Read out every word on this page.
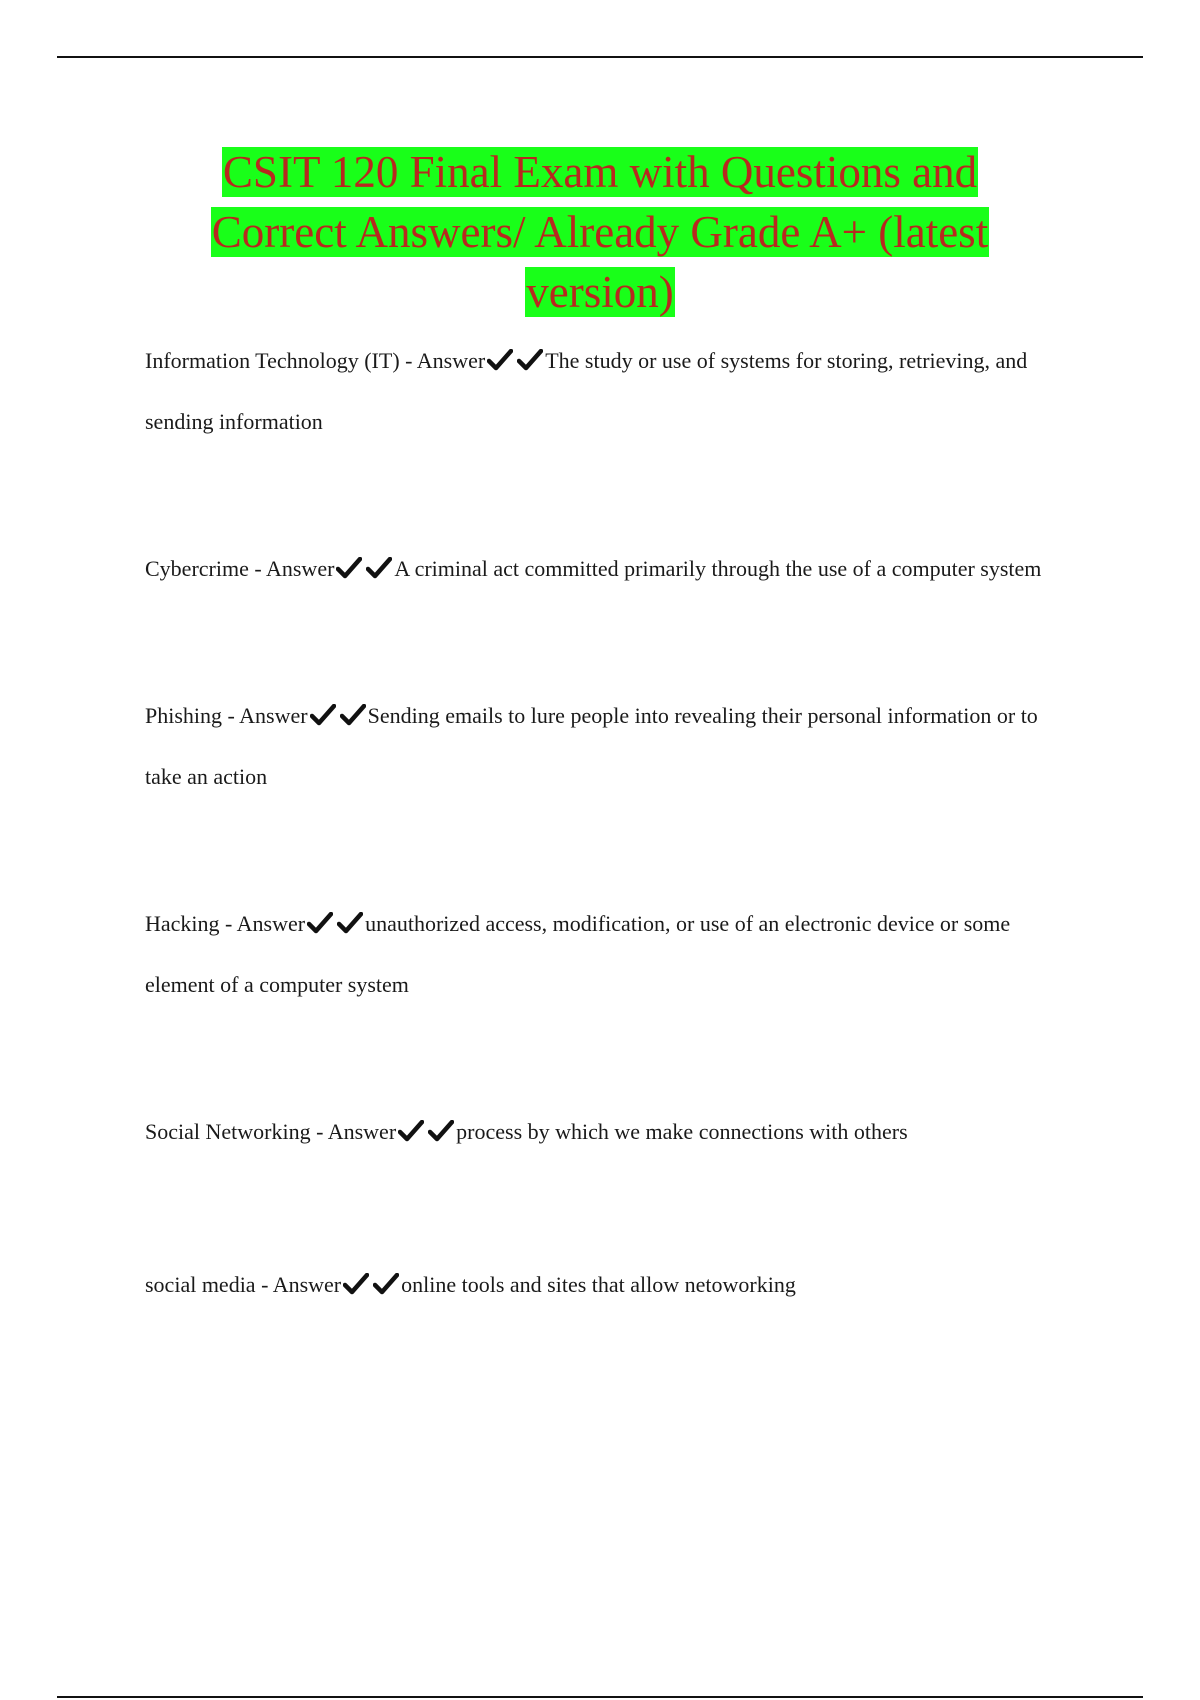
CSIT 120 Final Exam with Questions and Correct Answers/ Already Grade A+ (latest version)
Information Technology (IT) - Answer	The study or use of systems for storing, retrieving, and sending information
Cybercrime - Answer	A criminal act committed primarily through the use of a computer system
Phishing - Answer	Sending emails to lure people into revealing their personal information or to take an action
Hacking - Answer	unauthorized access, modification, or use of an electronic device or some element of a computer system
Social Networking - Answer	process by which we make connections with others
social media - Answer	online tools and sites that allow netoworking
